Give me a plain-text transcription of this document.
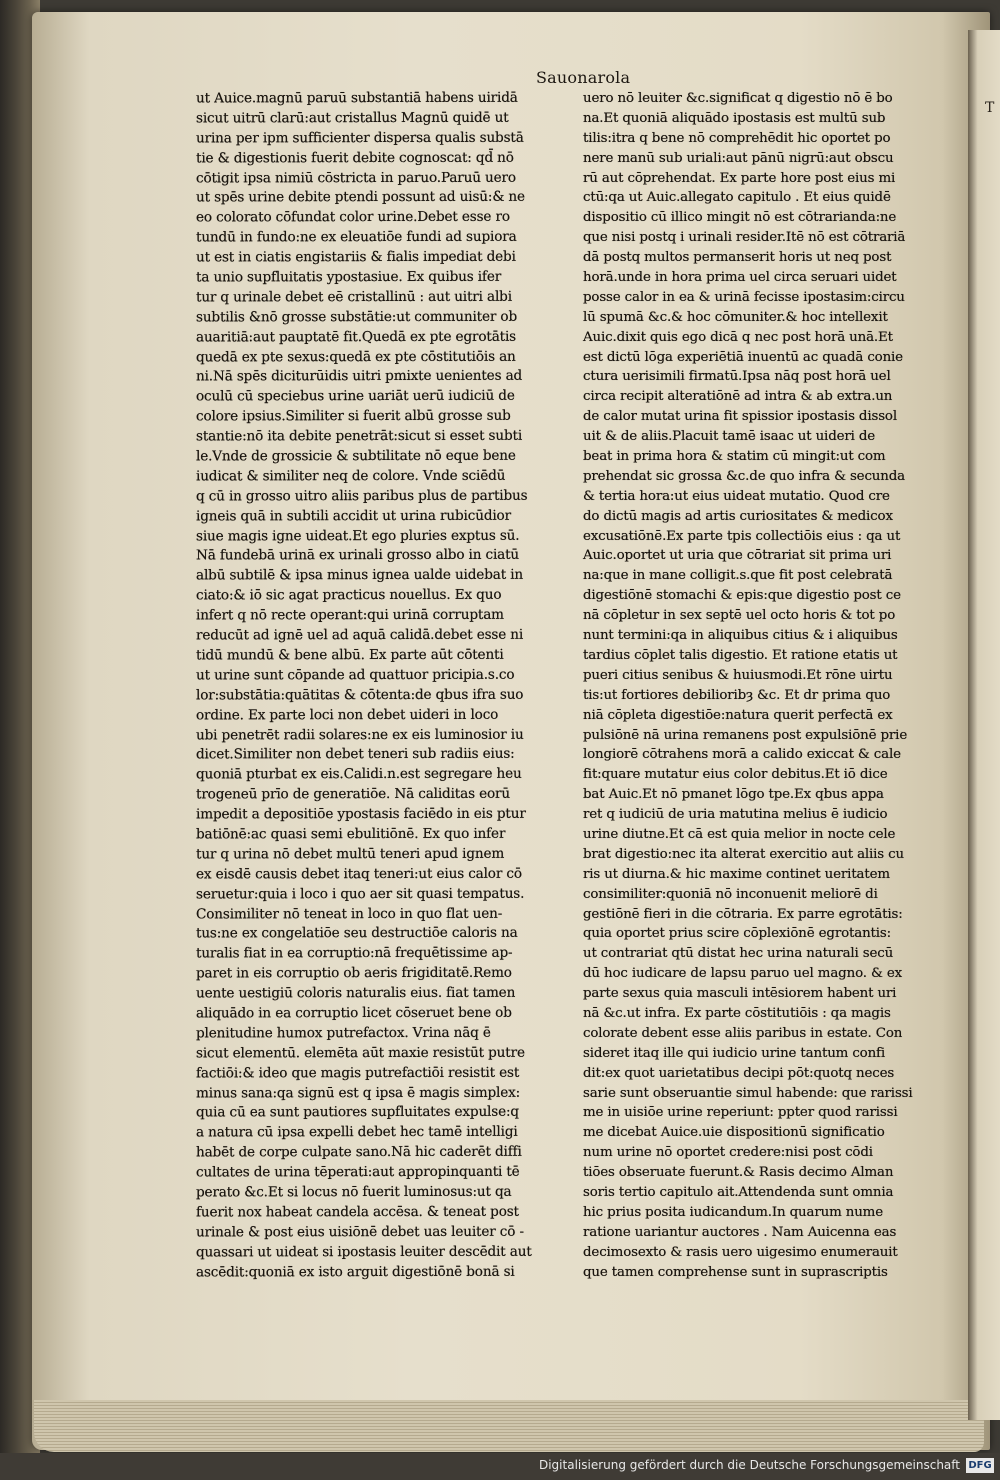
T
Sauonarola
ut Auice.magnū paruū substantiā habens uiridā
sicut uitrū clarū:aut cristallus Magnū quidē ut
urina per ipm sufficienter dispersa qualis substā
tie & digestionis fuerit debite cognoscat: qd̄ nō
cōtigit ipsa nimiū cōstricta in paruo.Paruū uero
ut spēs urine debite ptendi possunt ad uisū:& ne
eo colorato cōfundat color urine.Debet esse ro
tundū in fundo:ne ex eleuatiōe fundi ad supiora
ut est in ciatis engistariis & fialis impediat debi
ta unio supfluitatis ypostasiue. Ex quibus ifer
tur q urinale debet eē cristallinū : aut uitri albi
subtilis &nō grosse substātie:ut communiter ob
auaritiā:aut pauptatē fit.Quedā ex pte egrotātis
quedā ex pte sexus:quedā ex pte cōstitutiōis an
ni.Nā spēs diciturūidis uitri pmixte uenientes ad
oculū cū speciebus urine uariāt uerū iudiciū de
colore ipsius.Similiter si fuerit albū grosse sub
stantie:nō ita debite penetrāt:sicut si esset subti
le.Vnde de grossicie & subtilitate nō eque bene
iudicat & similiter neq de colore. Vnde sciēdū
q cū in grosso uitro aliis paribus plus de partibus
igneis quā in subtili accidit ut urina rubicūdior
siue magis igne uideat.Et ego pluries exptus sū.
Nā fundebā urinā ex urinali grosso albo in ciatū
albū subtilē & ipsa minus ignea ualde uidebat in
ciato:& iō sic agat practicus nouellus. Ex quo
infert q nō recte operant:qui urinā corruptam
reducūt ad ignē uel ad aquā calidā.debet esse ni
tidū mundū & bene albū. Ex parte aūt cōtenti
ut urine sunt cōpande ad quattuor pricipia.s.co
lor:substātia:quātitas & cōtenta:de qbus ifra suo
ordine. Ex parte loci non debet uideri in loco
ubi penetrēt radii solares:ne ex eis luminosior iu
dicet.Similiter non debet teneri sub radiis eius:
quoniā pturbat ex eis.Calidi.n.est segregare heu
trogeneū prīo de generatiōe. Nā caliditas eorū
impedit a depositiōe ypostasis faciēdo in eis ptur
batiōnē:ac quasi semi ebulitiōnē. Ex quo infer
tur q urina nō debet multū teneri apud ignem
ex eisdē causis debet itaq teneri:ut eius calor cō
seruetur:quia i loco i quo aer sit quasi tempatus.
Consimiliter nō teneat in loco in quo flat uen-
tus:ne ex congelatiōe seu destructiōe caloris na
turalis fiat in ea corruptio:nā frequētissime ap-
paret in eis corruptio ob aeris frigiditatē.Remo
uente uestigiū coloris naturalis eius. fiat tamen
aliquādo in ea corruptio licet cōseruet bene ob
plenitudine humox putrefactox. Vrina nāq ē
sicut elementū. elemēta aūt maxie resistūt putre
factiōi:& ideo que magis putrefactiōi resistit est
minus sana:qa signū est q ipsa ē magis simplex:
quia cū ea sunt pautiores supfluitates expulse:q
a natura cū ipsa expelli debet hec tamē intelligi
habēt de corpe culpate sano.Nā hic caderēt diffi
cultates de urina tēperati:aut appropinquanti tē
perato &c.Et si locus nō fuerit luminosus:ut qa
fuerit nox habeat candela accēsa. & teneat post
urinale & post eius uisiōnē debet uas leuiter cō -
quassari ut uideat si ipostasis leuiter descēdit aut
ascēdit:quoniā ex isto arguit digestiōnē bonā si
uero nō leuiter &c.significat q digestio nō ē bo
na.Et quoniā aliquādo ipostasis est multū sub
tilis:itra q bene nō comprehēdit hic oportet po
nere manū sub uriali:aut pānū nigrū:aut obscu
rū aut cōprehendat. Ex parte hore post eius mi
ctū:qa ut Auic.allegato capitulo . Et eius quidē
dispositio cū illico mingit nō est cōtrarianda:ne
que nisi postq i urinali resider.Itē nō est cōtrariā
dā postq multos permanserit horis ut neq post
horā.unde in hora prima uel circa seruari uidet
posse calor in ea & urinā fecisse ipostasim:circu
lū spumā &c.& hoc cōmuniter.& hoc intellexit
Auic.dixit quis ego dicā q nec post horā unā.Et
est dictū lōga experiētiā inuentū ac quadā conie
ctura uerisimili firmatū.Ipsa nāq post horā uel
circa recipit alteratiōnē ad intra & ab extra.un
de calor mutat urina fit spissior ipostasis dissol
uit & de aliis.Placuit tamē isaac ut uideri de
beat in prima hora & statim cū mingit:ut com
prehendat sic grossa &c.de quo infra & secunda
& tertia hora:ut eius uideat mutatio. Quod cre
do dictū magis ad artis curiositates & medicox
excusatiōnē.Ex parte tpis collectiōis eius : qa ut
Auic.oportet ut uria que cōtrariat sit prima uri
na:que in mane colligit.s.que fit post celebratā
digestiōnē stomachi & epis:que digestio post ce
nā cōpletur in sex septē uel octo horis & tot po
nunt termini:qa in aliquibus citius & i aliquibus
tardius cōplet talis digestio. Et ratione etatis ut
pueri citius senibus & huiusmodi.Et rōne uirtu
tis:ut fortiores debilioribȝ &c. Et dr prima quo
niā cōpleta digestiōe:natura querit perfectā ex
pulsiōnē nā urina remanens post expulsiōnē prie
longiorē cōtrahens morā a calido exiccat & cale
fit:quare mutatur eius color debitus.Et iō dice
bat Auic.Et nō pmanet lōgo tpe.Ex qbus appa
ret q iudiciū de uria matutina melius ē iudicio
urine diutne.Et cā est quia melior in nocte cele
brat digestio:nec ita alterat exercitio aut aliis cu
ris ut diurna.& hic maxime continet ueritatem
consimiliter:quoniā nō inconuenit meliorē di
gestiōnē fieri in die cōtraria. Ex parre egrotātis:
quia oportet prius scire cōplexiōnē egrotantis:
ut contrariat qtū distat hec urina naturali secū
dū hoc iudicare de lapsu paruo uel magno. & ex
parte sexus quia masculi intēsiorem habent uri
nā &c.ut infra. Ex parte cōstitutiōis : qa magis
colorate debent esse aliis paribus in estate. Con
sideret itaq ille qui iudicio urine tantum confi
dit:ex quot uarietatibus decipi pōt:quotq neces
sarie sunt obseruantie simul habende: que rarissi
me in uisiōe urine reperiunt: ppter quod rarissi
me dicebat Auice.uie dispositionū significatio
num urine nō oportet credere:nisi post cōdi
tiōes obseruate fuerunt.& Rasis decimo Alman
soris tertio capitulo ait.Attendenda sunt omnia
hic prius posita iudicandum.In quarum nume
ratione uariantur auctores . Nam Auicenna eas
decimosexto & rasis uero uigesimo enumerauit
que tamen comprehense sunt in suprascriptis
Digitalisierung gefördert durch die Deutsche Forschungsgemeinschaft DFG
